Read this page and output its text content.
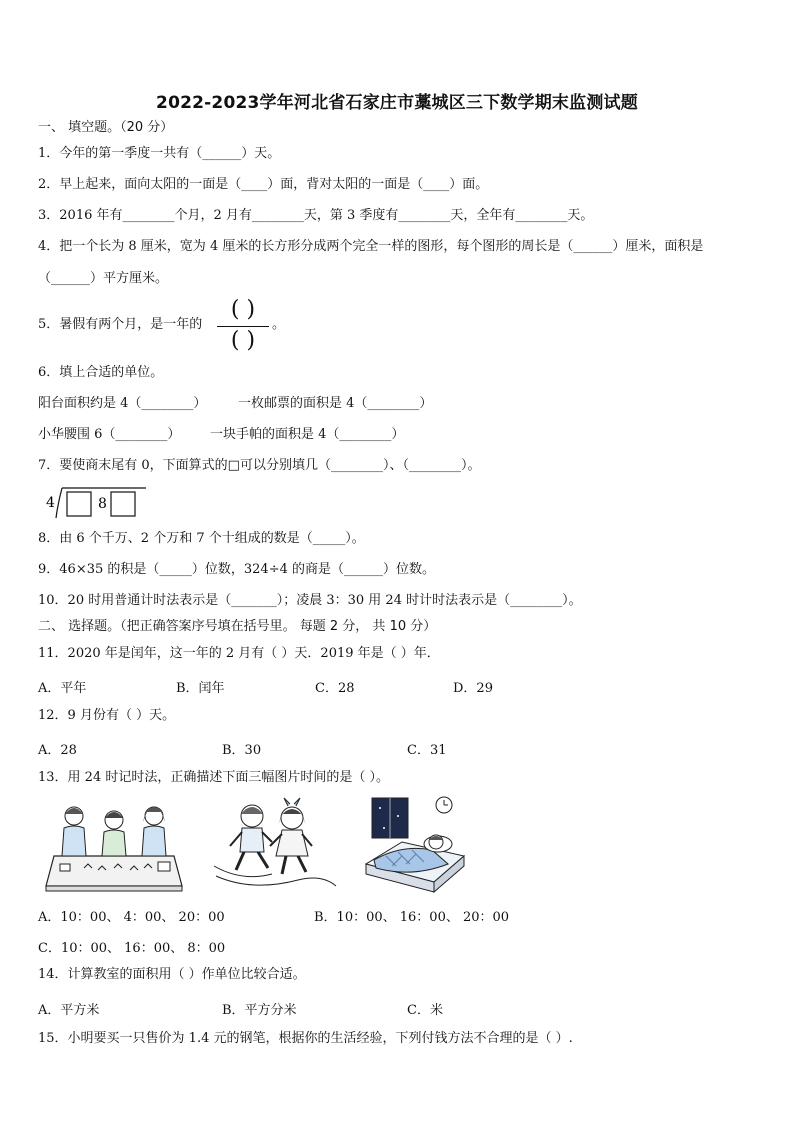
2022-2023学年河北省石家庄市藁城区三下数学期末监测试题
一、 填空题。（20 分）
1．今年的第一季度一共有（______）天。
2．早上起来，面向太阳的一面是（____）面，背对太阳的一面是（____）面。
3．2016 年有________个月，2 月有________天，第 3 季度有________天，全年有________天。
4．把一个长为 8 厘米，宽为 4 厘米的长方形分成两个完全一样的图形，每个图形的周长是（______）厘米，面积是
（______）平方厘米。
5．暑假有两个月，是一年的
( )
( )
。
6．填上合适的单位。
阳台面积约是 4（________） 一枚邮票的面积是 4（________）
小华腰围 6（________） 一块手帕的面积是 4（________）
7．要使商末尾有 0，下面算式的□可以分别填几（________）、（________）。
4	8
8．由 6 个千万、2 个万和 7 个十组成的数是（_____）。
9．46×35 的积是（_____）位数，324÷4 的商是（______）位数。
10．20 时用普通计时法表示是（_______）；凌晨 3：30 用 24 时计时法表示是（________）。
二、 选择题。（把正确答案序号填在括号里。 每题 2 分， 共 10 分）
11．2020 年是闰年，这一年的 2 月有（ ）天．2019 年是（ ）年．
A．平年	B．闰年	C．28	D．29
12．9 月份有（ ）天。
A．28	B．30	C．31
13．用 24 时记时法，正确描述下面三幅图片时间的是（ ）。
A．10：00、 4：00、 20：00	B．10：00、 16：00、 20：00
C．10：00、 16：00、 8：00
14．计算教室的面积用（ ）作单位比较合适。
A．平方米	B．平方分米	C．米
15．小明要买一只售价为 1.4 元的钢笔，根据你的生活经验，下列付钱方法不合理的是（ ）.
